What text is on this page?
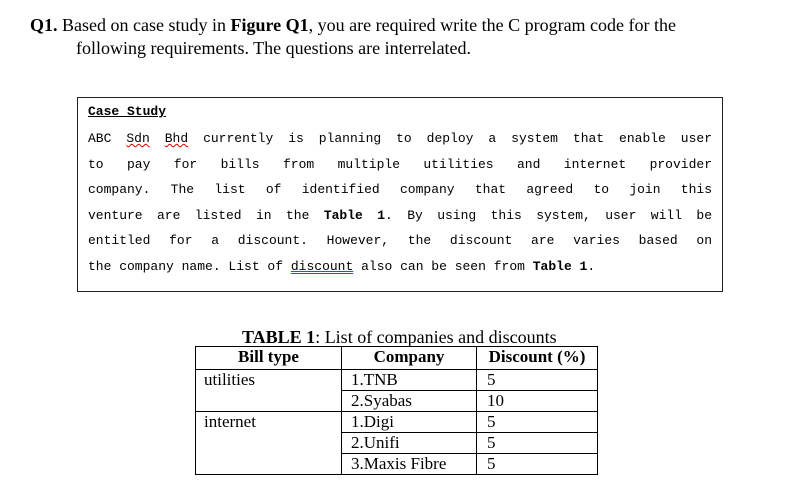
Q1. Based on case study in Figure Q1, you are required write the C program code for the
following requirements. The questions are interrelated.
Case Study
ABC Sdn Bhd currently is planning to deploy a system that enable user
to pay for bills from multiple utilities and internet provider
company. The list of identified company that agreed to join this
venture are listed in the Table 1. By using this system, user will be
entitled for a discount. However, the discount are varies based on
the company name. List of discount also can be seen from Table 1.
TABLE 1: List of companies and discounts
Bill type	Company	Discount (%)
utilities	1.TNB	5
	2.Syabas	10
internet	1.Digi	5
	2.Unifi	5
	3.Maxis Fibre	5
